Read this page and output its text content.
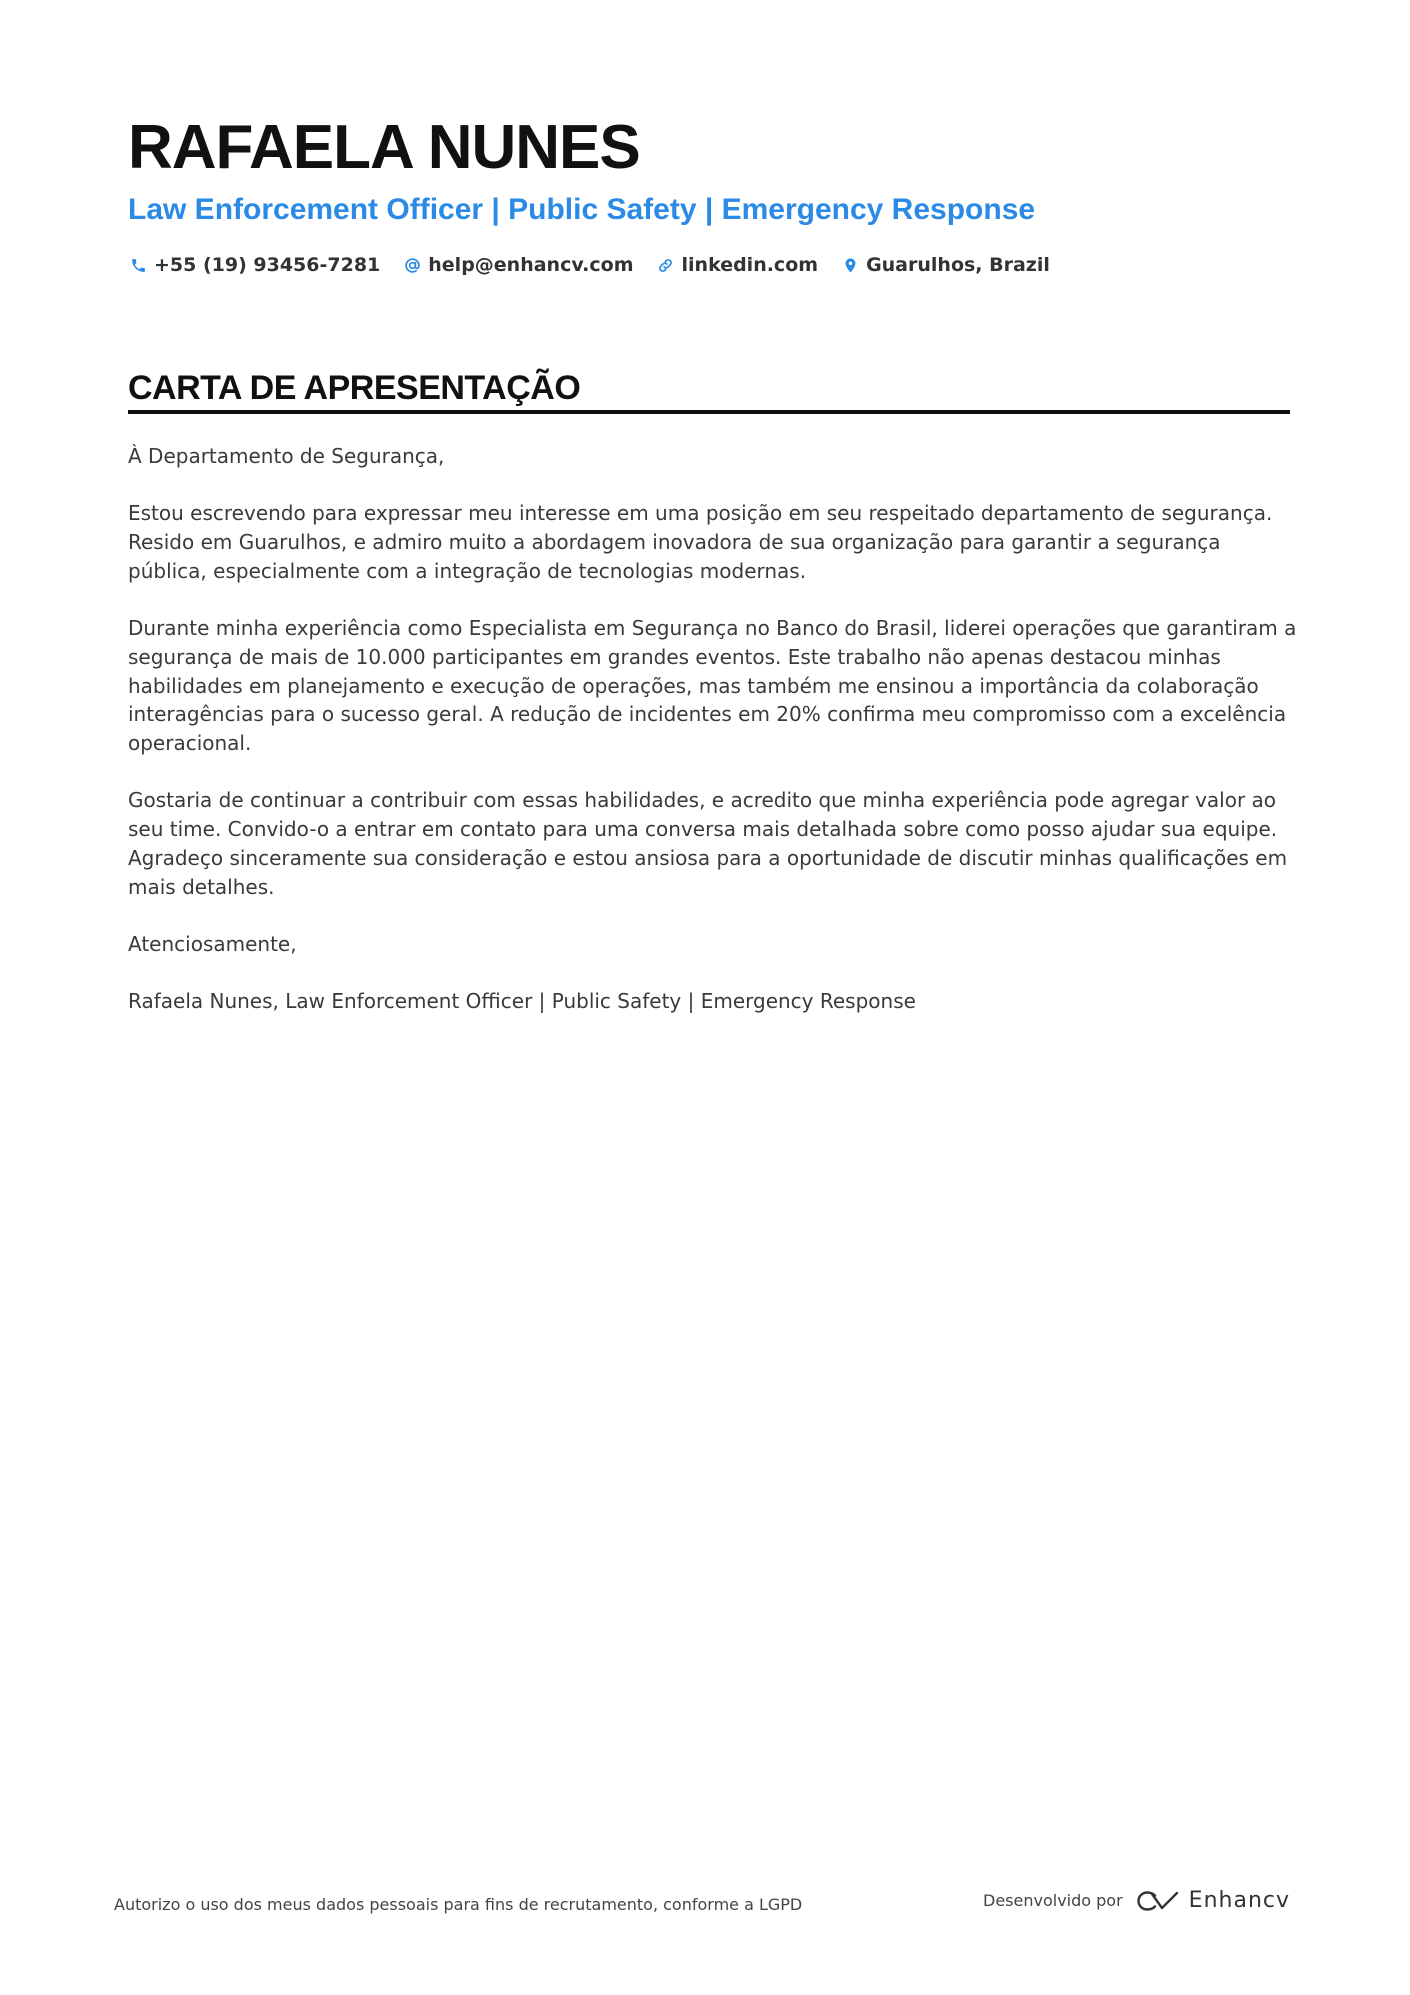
RAFAELA NUNES
Law Enforcement Officer | Public Safety | Emergency Response
+55 (19) 93456-7281	help@enhancv.com	linkedin.com	Guarulhos, Brazil
CARTA DE APRESENTAÇÃO

À Departamento de Segurança,

Estou escrevendo para expressar meu interesse em uma posição em seu respeitado departamento de segurança. Resido em Guarulhos, e admiro muito a abordagem inovadora de sua organização para garantir a segurança pública, especialmente com a integração de tecnologias modernas.

Durante minha experiência como Especialista em Segurança no Banco do Brasil, liderei operações que garantiram a segurança de mais de 10.000 participantes em grandes eventos. Este trabalho não apenas destacou minhas habilidades em planejamento e execução de operações, mas também me ensinou a importância da colaboração interagências para o sucesso geral. A redução de incidentes em 20% confirma meu compromisso com a excelência operacional.

Gostaria de continuar a contribuir com essas habilidades, e acredito que minha experiência pode agregar valor ao seu time. Convido-o a entrar em contato para uma conversa mais detalhada sobre como posso ajudar sua equipe. Agradeço sinceramente sua consideração e estou ansiosa para a oportunidade de discutir minhas qualificações em mais detalhes.

Atenciosamente,

Rafaela Nunes, Law Enforcement Officer | Public Safety | Emergency Response

Autorizo o uso dos meus dados pessoais para fins de recrutamento, conforme a LGPD	Desenvolvido por	Enhancv
